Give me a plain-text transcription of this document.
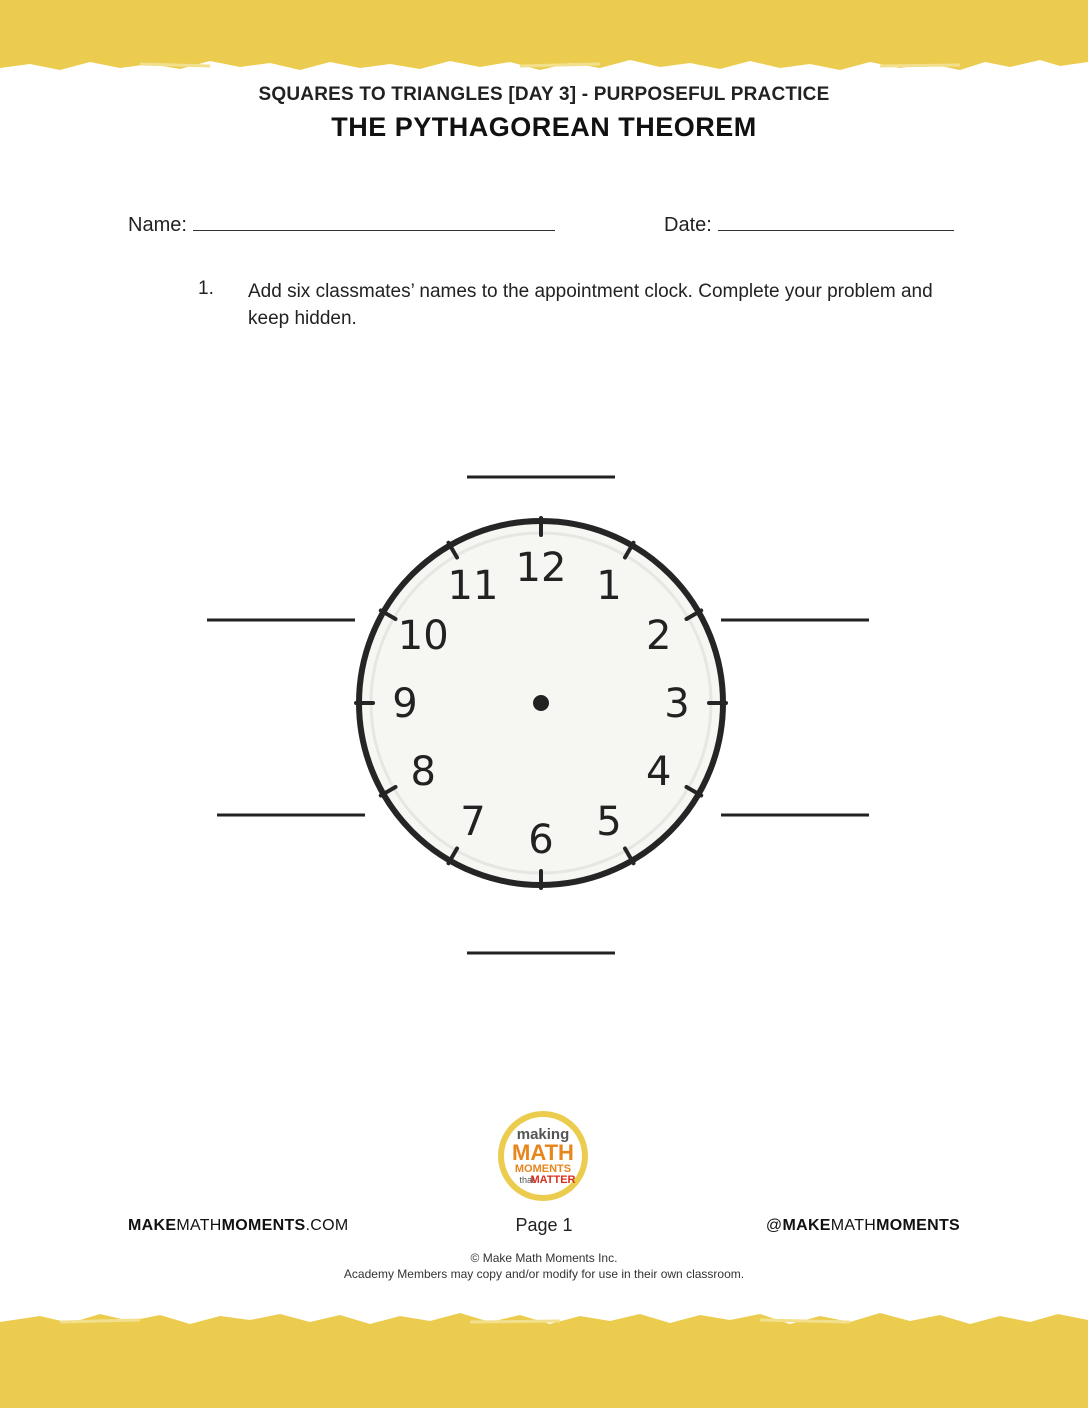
SQUARES TO TRIANGLES [DAY 3] - PURPOSEFUL PRACTICE
THE PYTHAGOREAN THEOREM
Name:	Date:
1. Add six classmates’ names to the appointment clock. Complete your problem and keep hidden.
12 1
2
3
4
5
6
7
8
9
10
11
making
MATH
MOMENTS
that
MATTER
MAKEMATHMOMENTS.COM	Page 1	@MAKEMATHMOMENTS
© Make Math Moments Inc.
Academy Members may copy and/or modify for use in their own classroom.
